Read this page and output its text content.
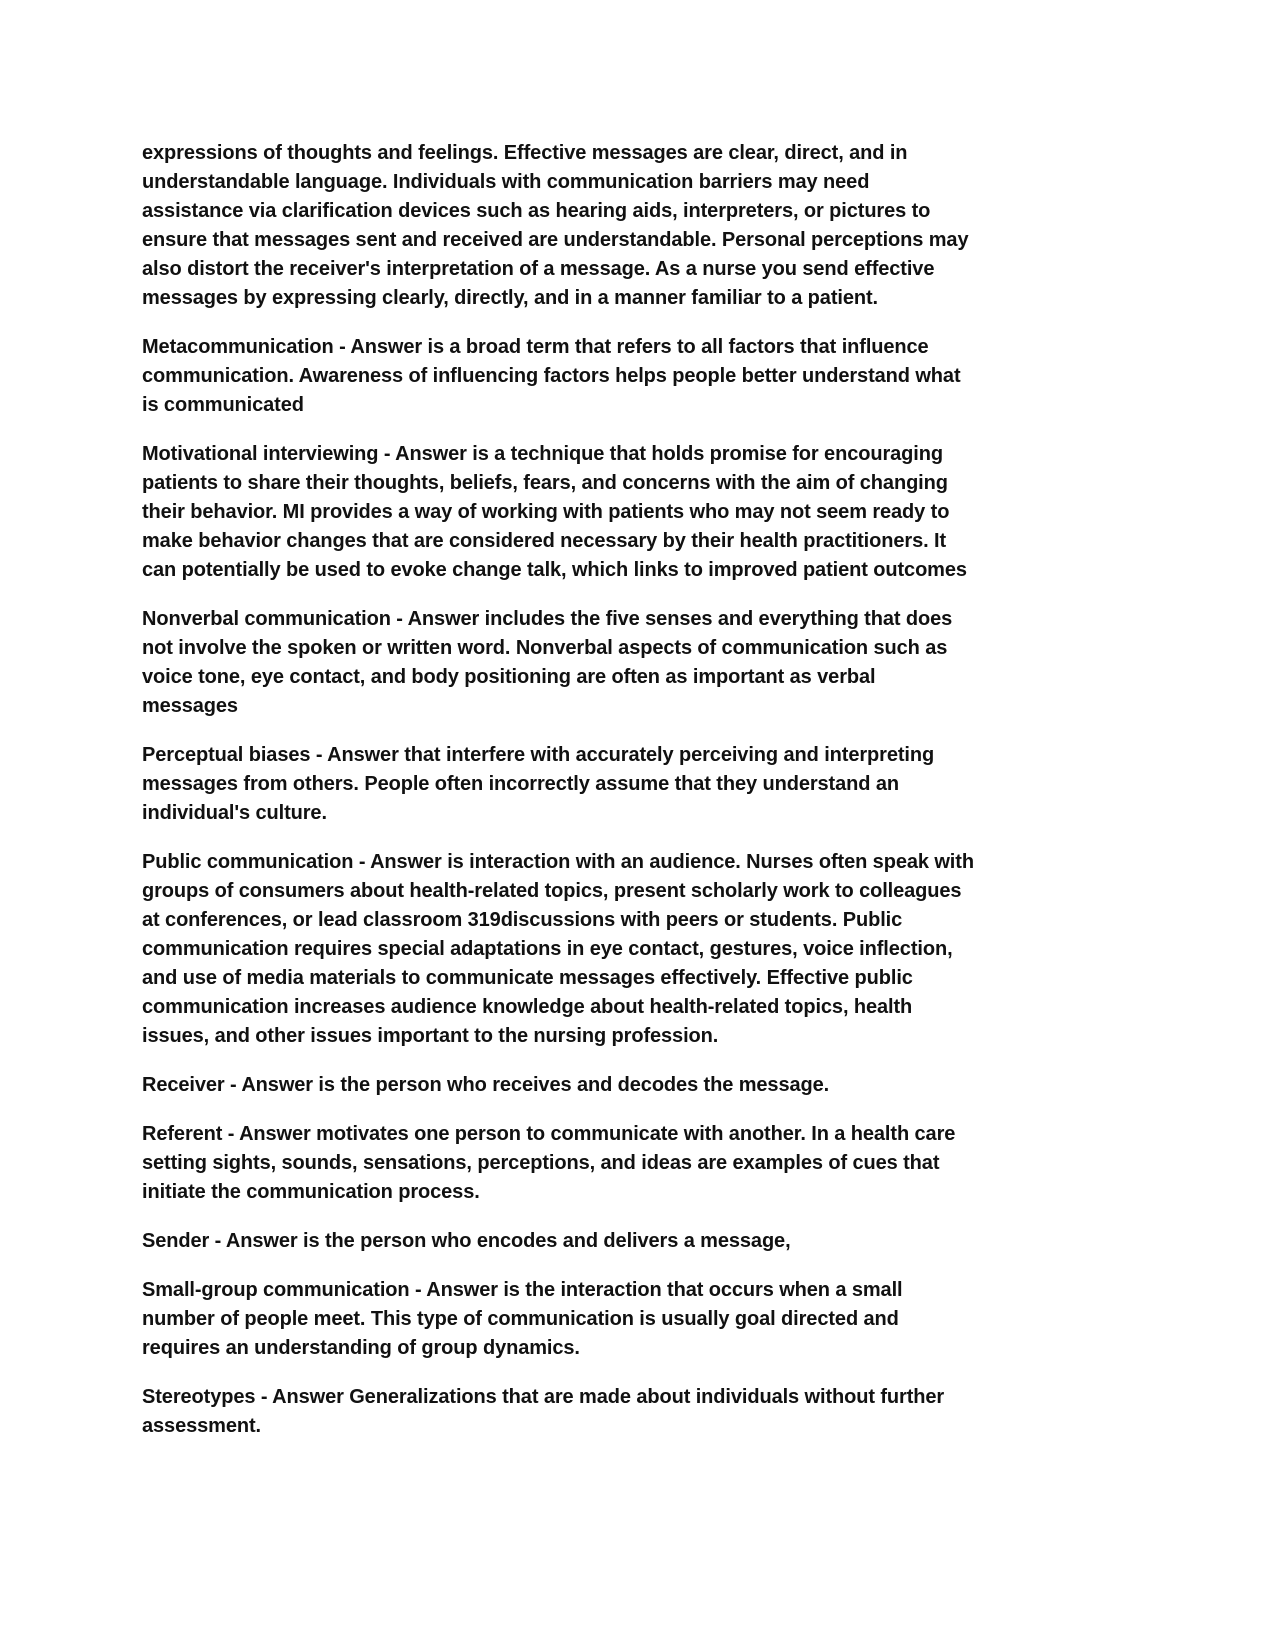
expressions of thoughts and feelings. Effective messages are clear, direct, and in
understandable language. Individuals with communication barriers may need
assistance via clarification devices such as hearing aids, interpreters, or pictures to
ensure that messages sent and received are understandable. Personal perceptions may
also distort the receiver's interpretation of a message. As a nurse you send effective
messages by expressing clearly, directly, and in a manner familiar to a patient.
Metacommunication - Answer is a broad term that refers to all factors that influence
communication. Awareness of influencing factors helps people better understand what
is communicated
Motivational interviewing - Answer is a technique that holds promise for encouraging
patients to share their thoughts, beliefs, fears, and concerns with the aim of changing
their behavior. MI provides a way of working with patients who may not seem ready to
make behavior changes that are considered necessary by their health practitioners. It
can potentially be used to evoke change talk, which links to improved patient outcomes
Nonverbal communication - Answer includes the five senses and everything that does
not involve the spoken or written word. Nonverbal aspects of communication such as
voice tone, eye contact, and body positioning are often as important as verbal
messages
Perceptual biases - Answer that interfere with accurately perceiving and interpreting
messages from others. People often incorrectly assume that they understand an
individual's culture.
Public communication - Answer is interaction with an audience. Nurses often speak with
groups of consumers about health-related topics, present scholarly work to colleagues
at conferences, or lead classroom 319discussions with peers or students. Public
communication requires special adaptations in eye contact, gestures, voice inflection,
and use of media materials to communicate messages effectively. Effective public
communication increases audience knowledge about health-related topics, health
issues, and other issues important to the nursing profession.
Receiver - Answer is the person who receives and decodes the message.
Referent - Answer motivates one person to communicate with another. In a health care
setting sights, sounds, sensations, perceptions, and ideas are examples of cues that
initiate the communication process.
Sender - Answer is the person who encodes and delivers a message,
Small-group communication - Answer is the interaction that occurs when a small
number of people meet. This type of communication is usually goal directed and
requires an understanding of group dynamics.
Stereotypes - Answer Generalizations that are made about individuals without further
assessment.
